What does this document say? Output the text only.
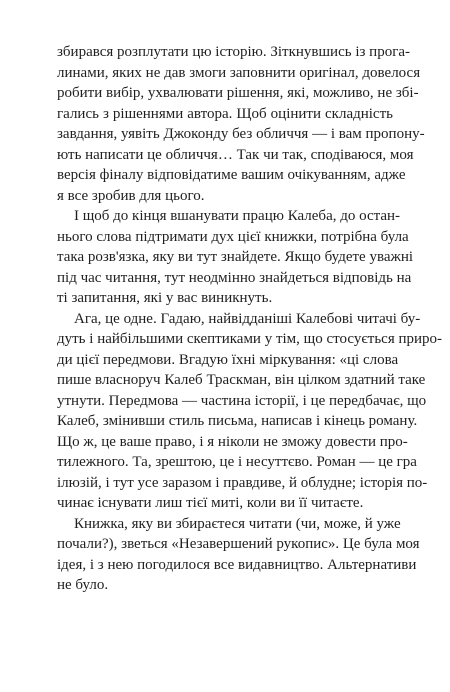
збирався розплутати цю історію. Зіткнувшись із прога-
линами, яких не дав змоги заповнити оригінал, довелося
робити вибір, ухвалювати рішення, які, можливо, не збі-
гались з рішеннями автора. Щоб оцінити складність
завдання, уявіть Джоконду без обличчя — і вам пропону-
ють написати це обличчя… Так чи так, сподіваюся, моя
версія фіналу відповідатиме вашим очікуванням, адже
я все зробив для цього.
І щоб до кінця вшанувати працю Калеба, до остан-
нього слова підтримати дух цієї книжки, потрібна була
така розв'язка, яку ви тут знайдете. Якщо будете уважні
під час читання, тут неодмінно знайдеться відповідь на
ті запитання, які у вас виникнуть.
Ага, це одне. Гадаю, найвідданіші Калебові читачі бу-
дуть і найбільшими скептиками у тім, що стосується приро-
ди цієї передмови. Вгадую їхні міркування: «ці слова
пише власноруч Калеб Траскман, він цілком здатний таке
утнути. Передмова — частина історії, і це передбачає, що
Калеб, змінивши стиль письма, написав і кінець роману.
Що ж, це ваше право, і я ніколи не зможу довести про-
тилежного. Та, зрештою, це і несуттєво. Роман — це гра
ілюзій, і тут усе заразом і правдиве, й облудне; історія по-
чинає існувати лиш тієї миті, коли ви її читаєте.
Книжка, яку ви збираєтеся читати (чи, може, й уже
почали?), зветься «Незавершений рукопис». Це була моя
ідея, і з нею погодилося все видавництво. Альтернативи
не було.
